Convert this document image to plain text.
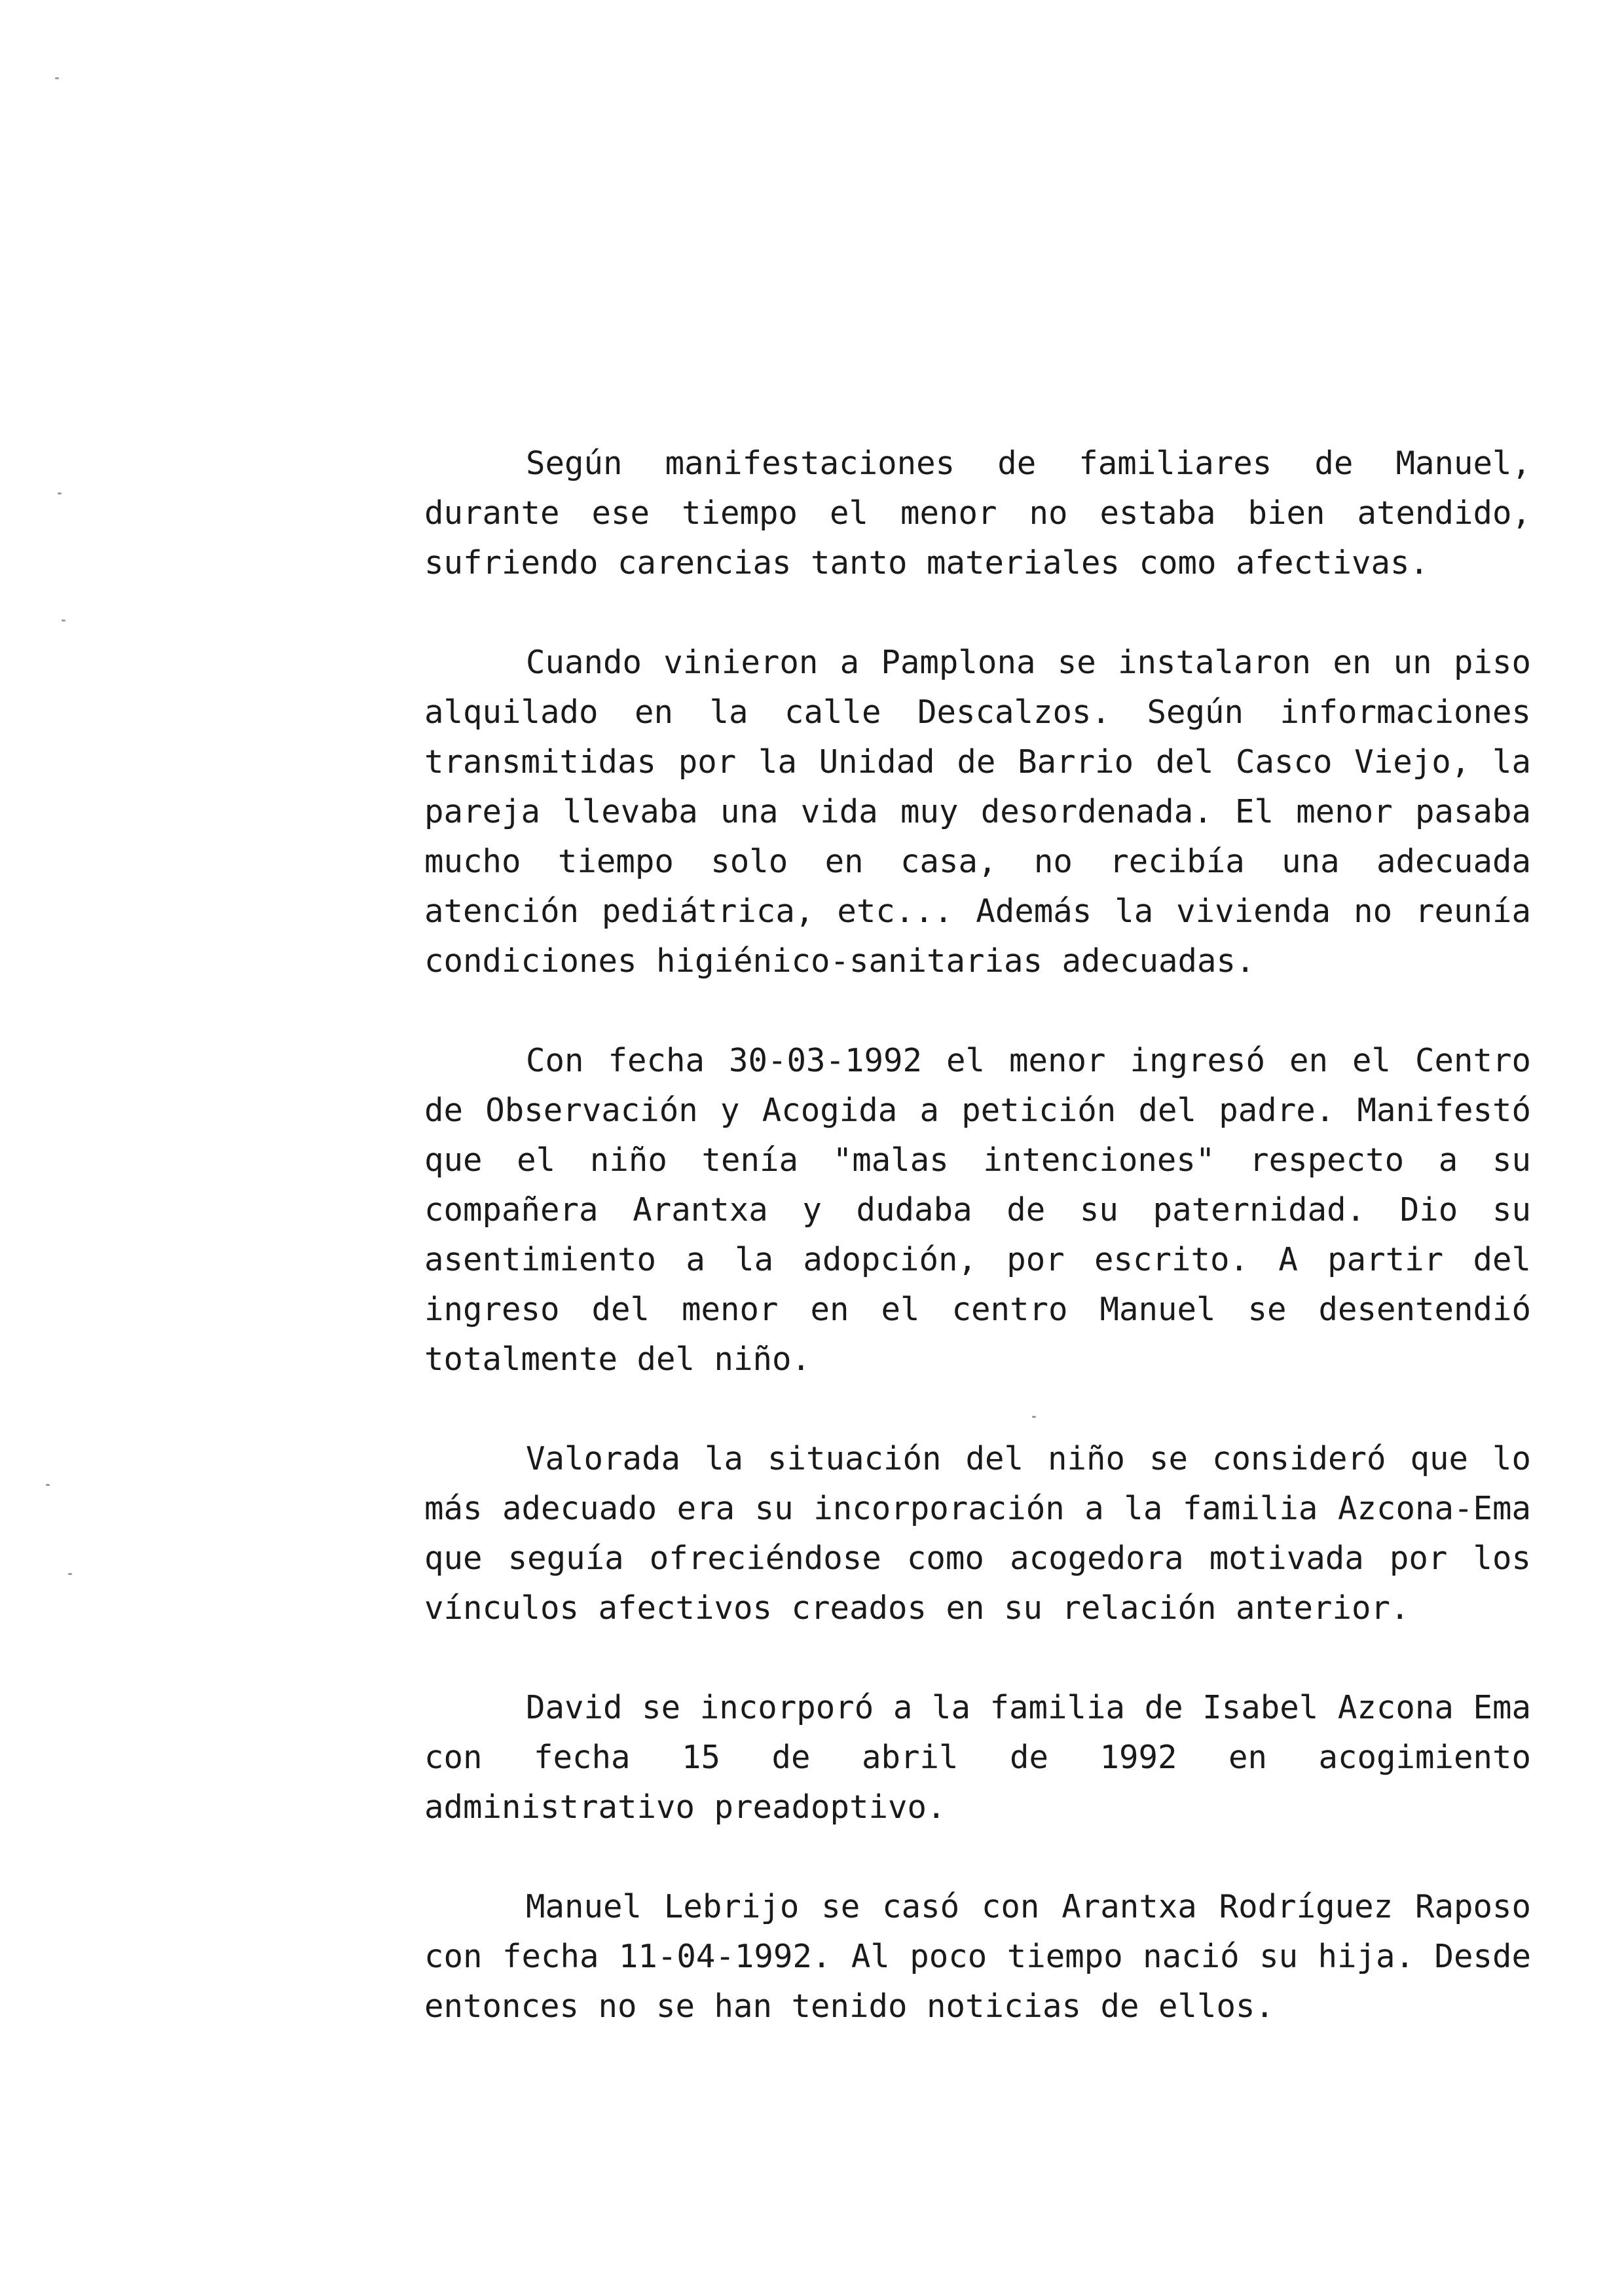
Según manifestaciones de familiares de Manuel, durante ese tiempo el menor no estaba bien atendido, sufriendo carencias tanto materiales como afectivas.

Cuando vinieron a Pamplona se instalaron en un piso alquilado en la calle Descalzos. Según informaciones transmitidas por la Unidad de Barrio del Casco Viejo, la pareja llevaba una vida muy desordenada. El menor pasaba mucho tiempo solo en casa, no recibía una adecuada atención pediátrica, etc... Además la vivienda no reunía condiciones higiénico-sanitarias adecuadas.

Con fecha 30-03-1992 el menor ingresó en el Centro de Observación y Acogida a petición del padre. Manifestó que el niño tenía "malas intenciones" respecto a su compañera Arantxa y dudaba de su paternidad. Dio su asentimiento a la adopción, por escrito. A partir del ingreso del menor en el centro Manuel se desentendió totalmente del niño.

Valorada la situación del niño se consideró que lo más adecuado era su incorporación a la familia Azcona-Ema que seguía ofreciéndose como acogedora motivada por los vínculos afectivos creados en su relación anterior.

David se incorporó a la familia de Isabel Azcona Ema con fecha 15 de abril de 1992 en acogimiento administrativo preadoptivo.

Manuel Lebrijo se casó con Arantxa Rodríguez Raposo con fecha 11-04-1992. Al poco tiempo nació su hija. Desde entonces no se han tenido noticias de ellos.
